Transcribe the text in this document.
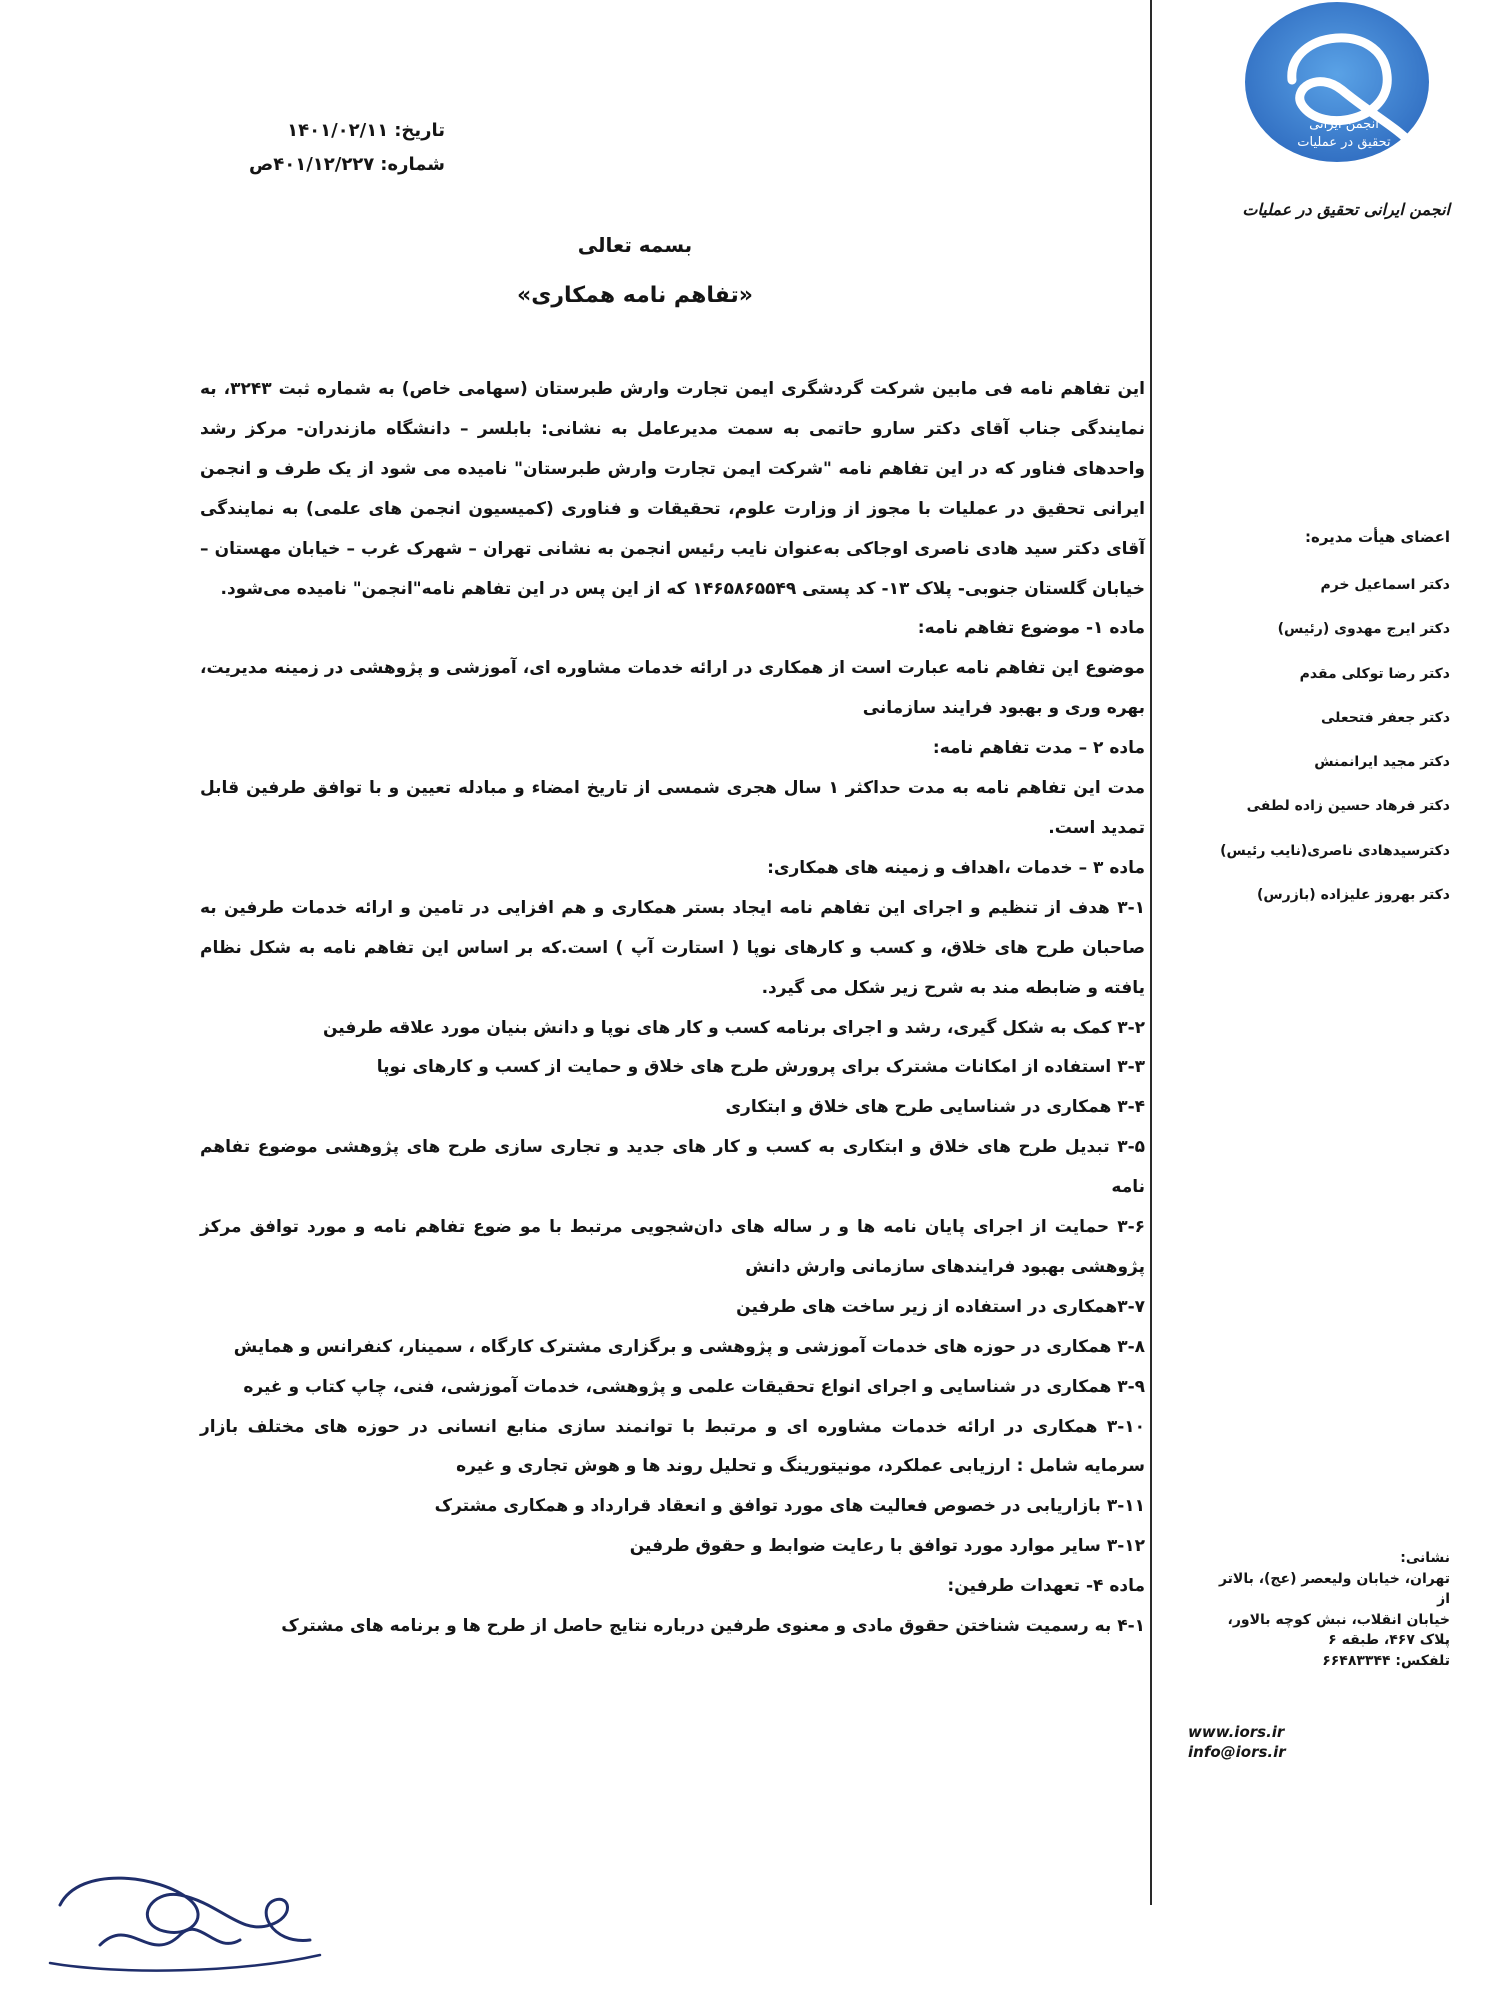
انجمن ایرانی
تحقیق در عملیات
انجمن ایرانی تحقیق در عملیات
اعضای هیأت مدیره:
دکتر اسماعیل خرم
دکتر ایرج مهدوی (رئیس)
دکتر رضا توکلی مقدم
دکتر جعفر فتحعلی
دکتر مجید ایرانمنش
دکتر فرهاد حسین زاده لطفی
دکترسیدهادی ناصری(نایب رئیس)
دکتر بهروز علیزاده (بازرس)
نشانی:
تهران، خیابان ولیعصر (عج)، بالاتر از
خیابان انقلاب، نبش کوچه بالاور،
پلاک ۴۶۷، طبقه ۶
تلفکس: ۶۶۴۸۳۳۴۴
www.iors.ir
info@iors.ir
تاریخ:۱۴۰۱/۰۲/۱۱
شماره:۴۰۱/۱۲/۲۲۷ص
بسمه تعالی
«تفاهم نامه همکاری»

این تفاهم نامه فی مابین شرکت گردشگری ایمن تجارت وارش طبرستان (سهامی خاص) به شماره ثبت ۳۲۴۳، به نمایندگی جناب آقای دکتر سارو حاتمی به سمت مدیرعامل به نشانی: بابلسر – دانشگاه مازندران- مرکز رشد واحدهای فناور که در این تفاهم نامه "شرکت ایمن تجارت وارش طبرستان" نامیده می شود از یک طرف و انجمن ایرانی تحقیق در عملیات با مجوز از وزارت علوم، تحقیقات و فناوری (کمیسیون انجمن های علمی) به نمایندگی آقای دکتر سید هادی ناصری اوجاکی به‌عنوان نایب رئیس انجمن به نشانی تهران – شهرک غرب – خیابان مهستان – خیابان گلستان جنوبی- پلاک ۱۳- کد پستی ۱۴۶۵۸۶۵۵۴۹ که از این پس در این تفاهم نامه"انجمن" نامیده می‌شود.

ماده ۱- موضوع تفاهم نامه:

موضوع این تفاهم نامه عبارت است از همکاری در ارائه خدمات مشاوره ای، آموزشی و پژوهشی در زمینه مدیریت، بهره وری و بهبود فرایند سازمانی

ماده ۲ – مدت تفاهم نامه:

مدت این تفاهم نامه به مدت حداکثر ۱ سال هجری شمسی از تاریخ امضاء و مبادله تعیین و با توافق طرفین قابل تمدید است.

ماده ۳ – خدمات ،اهداف و زمینه های همکاری:

۳-۱ هدف از تنظیم و اجرای این تفاهم نامه ایجاد بستر همکاری و هم افزایی در تامین و ارائه خدمات طرفین به صاحبان طرح های خلاق، و کسب و کارهای نوپا ( استارت آپ ) است.که بر اساس این تفاهم نامه به شکل نظام یافته و ضابطه مند به شرح زیر شکل می گیرد.

۳-۲ کمک به شکل گیری، رشد و اجرای برنامه کسب و کار های نوپا و دانش بنیان مورد علاقه طرفین

۳-۳ استفاده از امکانات مشترک برای پرورش طرح های خلاق و حمایت از کسب و کارهای نوپا

۳-۴ همکاری در شناسایی طرح های خلاق و ابتکاری

۳-۵ تبدیل طرح های خلاق و ابتکاری به کسب و کار های جدید و تجاری سازی طرح های پژوهشی موضوع تفاهم نامه

۳-۶ حمایت از اجرای پایان نامه ها و ر ساله های دا‌ن‌شجویی مرتبط با مو ضوع تفاهم نامه و مورد توافق مرکز پژوهشی بهبود فرایندهای سازمانی وارش دانش

۳-۷همکاری در استفاده از زیر ساخت های طرفین

۳-۸ همکاری در حوزه های خدمات آموزشی و پژوهشی و برگزاری مشترک کارگاه ، سمینار، کنفرانس و همایش

۳-۹ همکاری در شناسایی و اجرای انواع تحقیقات علمی و پژوهشی، خدمات آموزشی، فنی، چاپ کتاب و غیره

۳-۱۰ همکاری در ارائه خدمات مشاوره ای و مرتبط با توانمند سازی منابع انسانی در حوزه های مختلف بازار سرمایه شامل : ارزیابی عملکرد، مونیتورینگ و تحلیل روند ها و هوش تجاری و غیره

۳-۱۱ بازاریابی در خصوص فعالیت های مورد توافق و انعقاد قرارداد و همکاری مشترک

۳-۱۲ سایر موارد مورد توافق با رعایت ضوابط و حقوق طرفین

ماده ۴- تعهدات طرفین:

۴-۱ به رسمیت شناختن حقوق مادی و معنوی طرفین درباره نتایج حاصل از طرح ها و برنامه های مشترک
